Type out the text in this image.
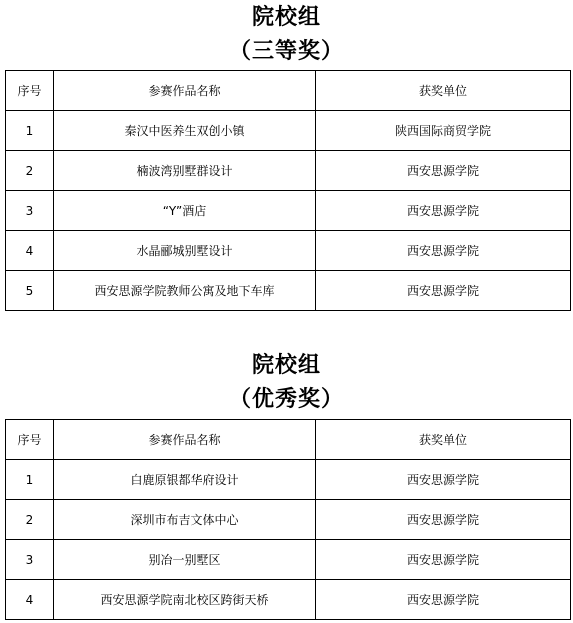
院校组
（三等奖）
序号	参赛作品名称	获奖单位
1	秦汉中医养生双创小镇	陕西国际商贸学院
2	楠波湾别墅群设计	西安思源学院
3	“Y”酒店	西安思源学院
4	水晶郦城别墅设计	西安思源学院
5	西安思源学院教师公寓及地下车库	西安思源学院
院校组
（优秀奖）
序号	参赛作品名称	获奖单位
1	白鹿原银都华府设计	西安思源学院
2	深圳市布吉文体中心	西安思源学院
3	别冶一别墅区	西安思源学院
4	西安思源学院南北校区跨街天桥	西安思源学院
